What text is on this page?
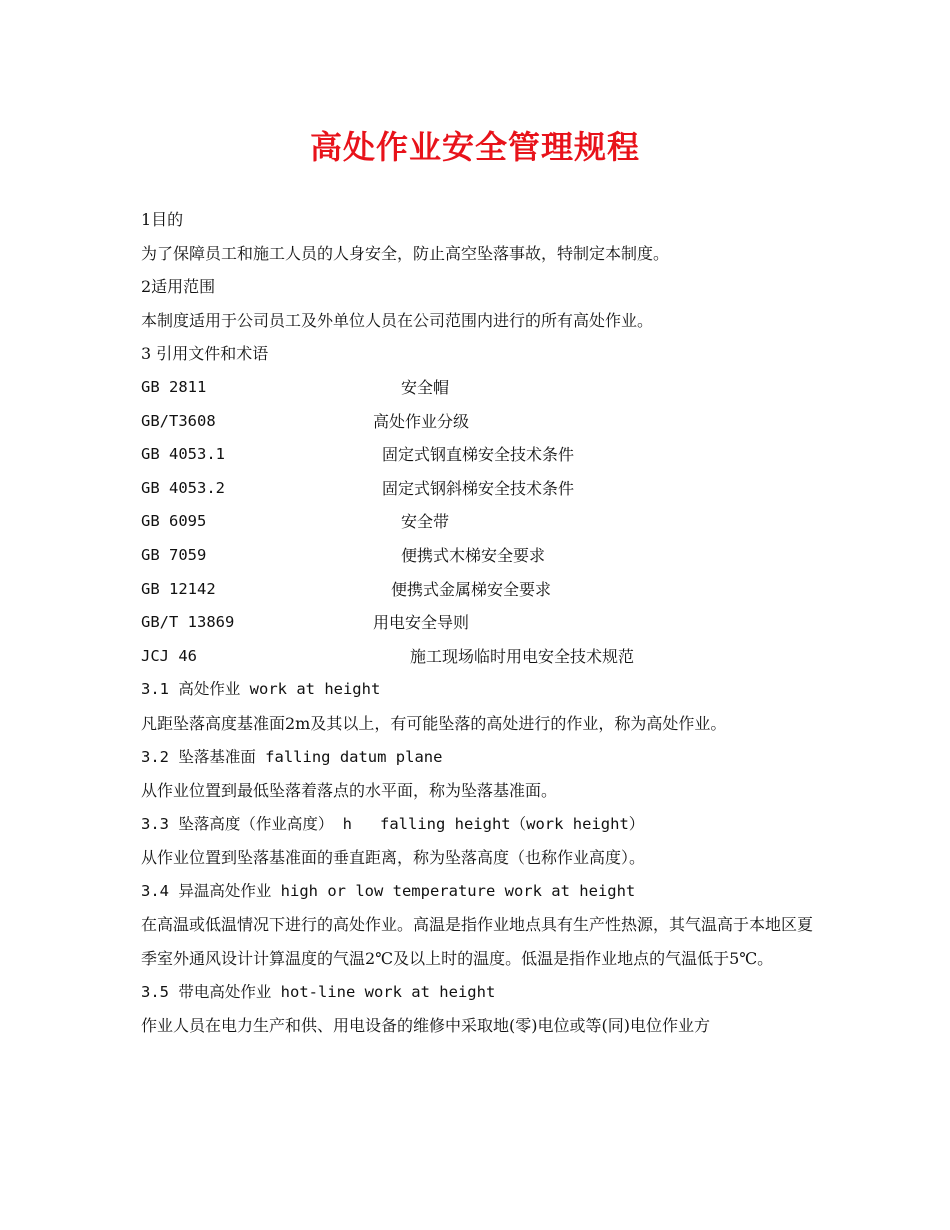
高处作业安全管理规程
1目的
为了保障员工和施工人员的人身安全，防止高空坠落事故，特制定本制度。
2适用范围
本制度适用于公司员工及外单位人员在公司范围内进行的所有高处作业。
3 引用文件和术语
GB 2811	安全帽
GB/T3608	高处作业分级
GB 4053.1	固定式钢直梯安全技术条件
GB 4053.2	固定式钢斜梯安全技术条件
GB 6095	安全带
GB 7059	便携式木梯安全要求
GB 12142	便携式金属梯安全要求
GB/T 13869	用电安全导则
JCJ 46	施工现场临时用电安全技术规范
3.1 高处作业 work at height
凡距坠落高度基准面2m及其以上，有可能坠落的高处进行的作业，称为高处作业。
3.2 坠落基准面 falling datum plane
从作业位置到最低坠落着落点的水平面，称为坠落基准面。
3.3 坠落高度（作业高度） h   falling height（work height）
从作业位置到坠落基准面的垂直距离，称为坠落高度（也称作业高度）。
3.4 异温高处作业 high or low temperature work at height
在高温或低温情况下进行的高处作业。高温是指作业地点具有生产性热源，其气温高于本地区夏季室外通风设计计算温度的气温2℃及以上时的温度。低温是指作业地点的气温低于5℃。
3.5 带电高处作业 hot-line work at height
作业人员在电力生产和供、用电设备的维修中采取地(零)电位或等(同)电位作业方
